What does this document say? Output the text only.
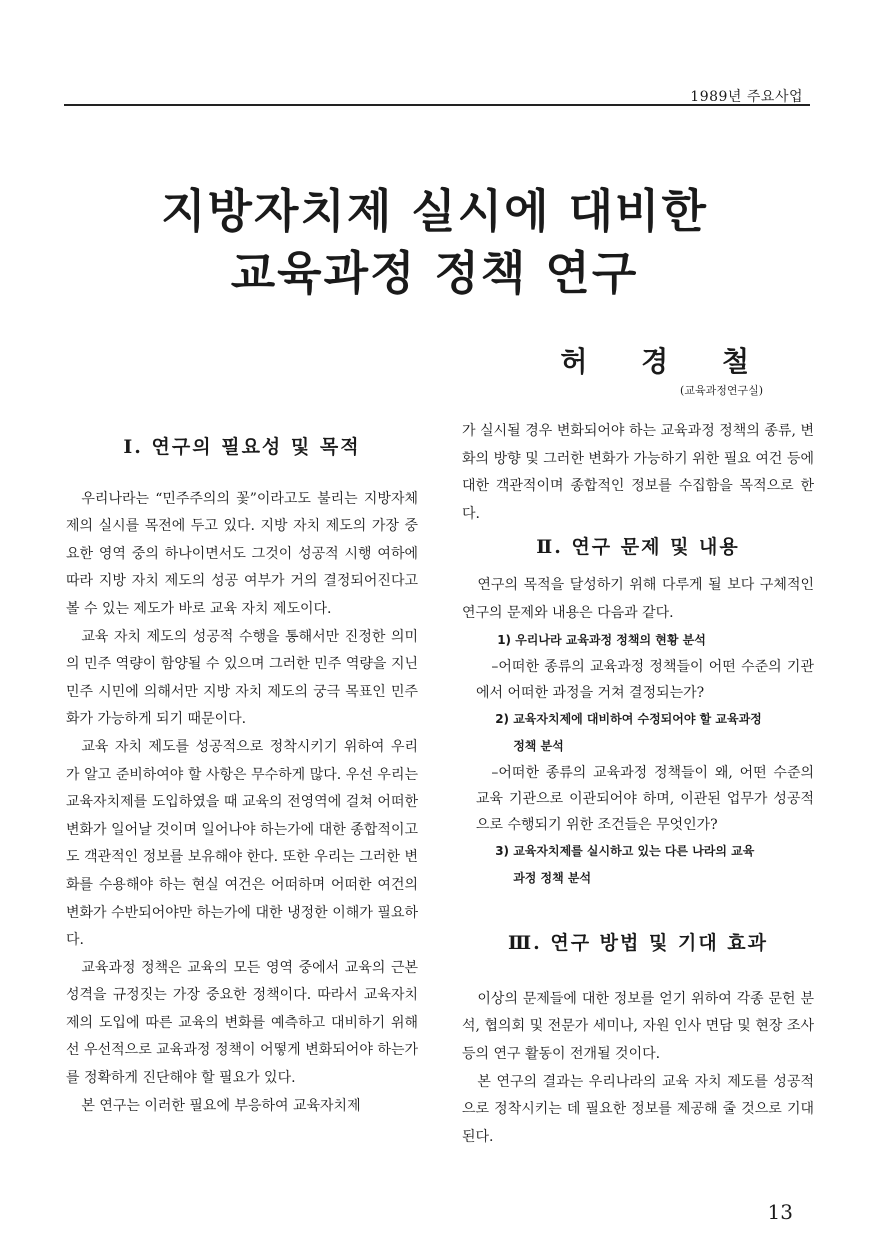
1989년 주요사업
지방자치제 실시에 대비한
교육과정 정책 연구
허 경 철
(교육과정연구실)
Ⅰ. 연구의 필요성 및 목적

우리나라는 “민주주의의 꽃”이라고도 불리는 지방자체제의 실시를 목전에 두고 있다. 지방 자치 제도의 가장 중요한 영역 중의 하나이면서도 그것이 성공적 시행 여하에 따라 지방 자치 제도의 성공 여부가 거의 결정되어진다고 볼 수 있는 제도가 바로 교육 자치 제도이다.

교육 자치 제도의 성공적 수행을 통해서만 진정한 의미의 민주 역량이 함양될 수 있으며 그러한 민주 역량을 지닌 민주 시민에 의해서만 지방 자치 제도의 궁극 목표인 민주화가 가능하게 되기 때문이다.

교육 자치 제도를 성공적으로 정착시키기 위하여 우리가 알고 준비하여야 할 사항은 무수하게 많다. 우선 우리는 교육자치제를 도입하였을 때 교육의 전영역에 걸쳐 어떠한 변화가 일어날 것이며 일어나야 하는가에 대한 종합적이고도 객관적인 정보를 보유해야 한다. 또한 우리는 그러한 변화를 수용해야 하는 현실 여건은 어떠하며 어떠한 여건의 변화가 수반되어야만 하는가에 대한 냉정한 이해가 필요하다.

교육과정 정책은 교육의 모든 영역 중에서 교육의 근본 성격을 규정짓는 가장 중요한 정책이다. 따라서 교육자치제의 도입에 따른 교육의 변화를 예측하고 대비하기 위해선 우선적으로 교육과정 정책이 어떻게 변화되어야 하는가를 정확하게 진단해야 할 필요가 있다.

본 연구는 이러한 필요에 부응하여 교육자치제

가 실시될 경우 변화되어야 하는 교육과정 정책의 종류, 변화의 방향 및 그러한 변화가 가능하기 위한 필요 여건 등에 대한 객관적이며 종합적인 정보를 수집함을 목적으로 한다.

Ⅱ. 연구 문제 및 내용

연구의 목적을 달성하기 위해 다루게 될 보다 구체적인 연구의 문제와 내용은 다음과 같다.

1) 우리나라 교육과정 정책의 현황 분석

–어떠한 종류의 교육과정 정책들이 어떤 수준의 기관에서 어떠한 과정을 거쳐 결정되는가?

2) 교육자치제에 대비하여 수정되어야 할 교육과정
정책 분석

–어떠한 종류의 교육과정 정책들이 왜, 어떤 수준의 교육 기관으로 이관되어야 하며, 이관된 업무가 성공적으로 수행되기 위한 조건들은 무엇인가?

3) 교육자치제를 실시하고 있는 다른 나라의 교육
과정 정책 분석

Ⅲ. 연구 방법 및 기대 효과

이상의 문제들에 대한 정보를 얻기 위하여 각종 문헌 분석, 협의회 및 전문가 세미나, 자원 인사 면담 및 현장 조사 등의 연구 활동이 전개될 것이다.

본 연구의 결과는 우리나라의 교육 자치 제도를 성공적으로 정착시키는 데 필요한 정보를 제공해 줄 것으로 기대된다.

13
